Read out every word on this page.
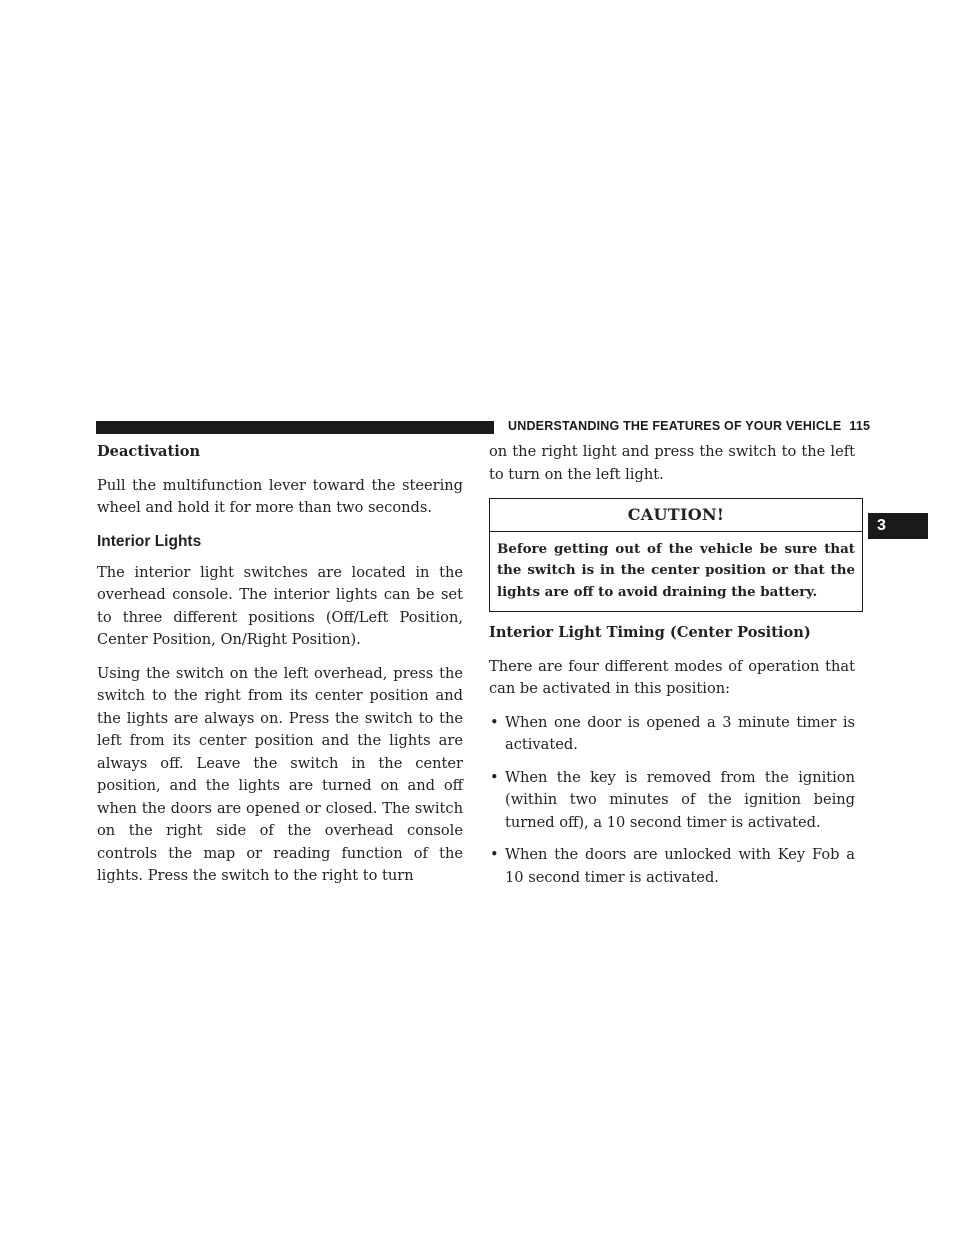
UNDERSTANDING THE FEATURES OF YOUR VEHICLE 115
3
Deactivation

Pull the multifunction lever toward the steering wheel and hold it for more than two seconds.

Interior Lights

The interior light switches are located in the overhead console. The interior lights can be set to three different positions (Off/Left Position, Center Position, On/Right Position).

Using the switch on the left overhead, press the switch to the right from its center position and the lights are always on. Press the switch to the left from its center position and the lights are always off. Leave the switch in the center position, and the lights are turned on and off when the doors are opened or closed. The switch on the right side of the overhead console controls the map or reading function of the lights. Press the switch to the right to turn

on the right light and press the switch to the left to turn on the left light.

CAUTION!
Before getting out of the vehicle be sure that the switch is in the center position or that the lights are off to avoid draining the battery.
Interior Light Timing (Center Position)

There are four different modes of operation that can be activated in this position:

• When one door is opened a 3 minute timer is activated.
• When the key is removed from the ignition (within two minutes of the ignition being turned off), a 10 second timer is activated.
• When the doors are unlocked with Key Fob a 10 second timer is activated.
